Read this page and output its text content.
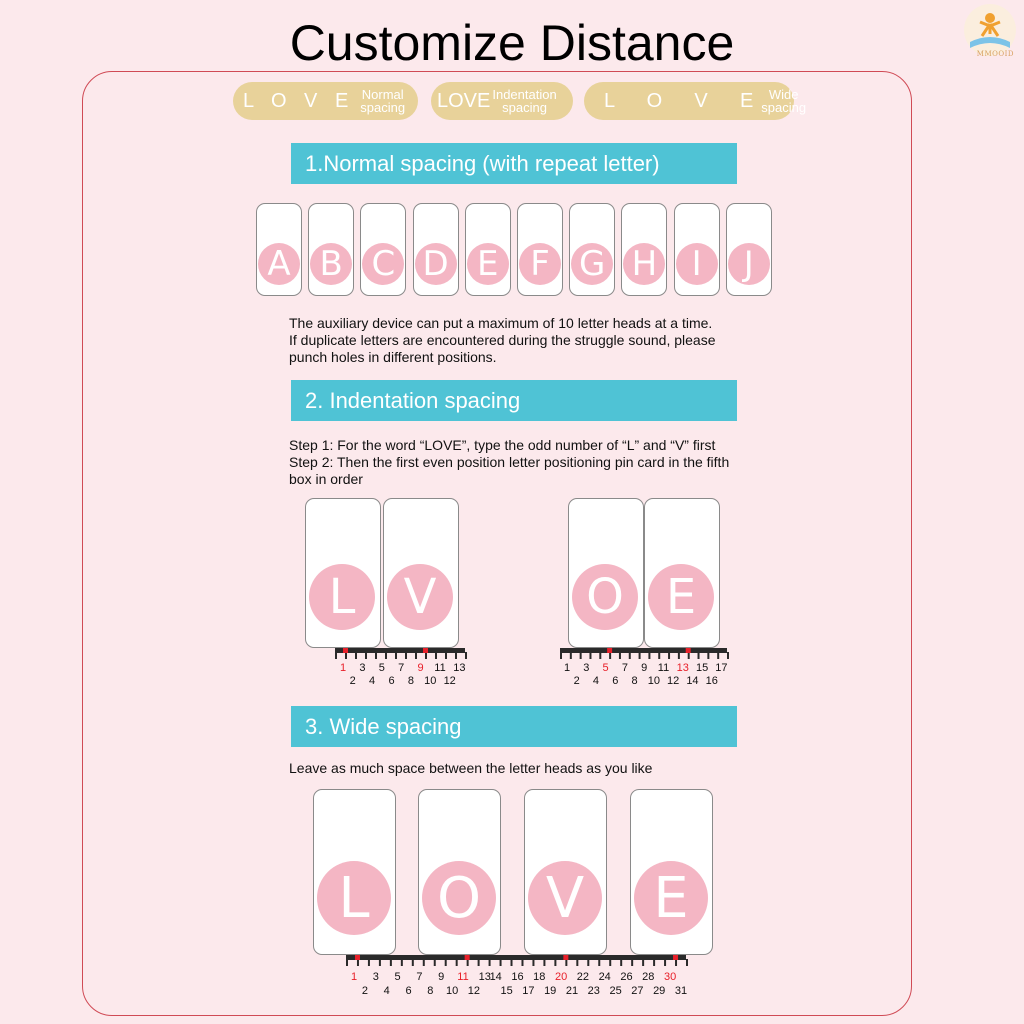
Customize Distance	MMOOID
L O V E Normal
spacing LOVE Indentation
spacing	L    O    V    E	Wide
spacing
1.Normal spacing (with repeat letter)
A B C D E F G H	I	J
The auxiliary device can put a maximum of 10 letter heads at a time.
If duplicate letters are encountered during the struggle sound, please
punch holes in different positions.
2. Indentation spacing
Step 1: For the word “LOVE”, type the odd number of “L” and “V” first
Step 2: Then the first even position letter positioning pin card in the fifth
box in order
L	V	O E
1	3	5	7	9 11 13
2	4	6	8 10 12
1	3	5	7	9 11 13 15 17
2	4	6	8 10 12 14 16
3. Wide spacing
Leave as much space between the letter heads as you like
L	O	V	E
1	3	5	7	9	11 13
14 16 18 20 22 24 26 28 30
2	4	6	8	10 12 15 17 19 21 23 25 27 29 31
